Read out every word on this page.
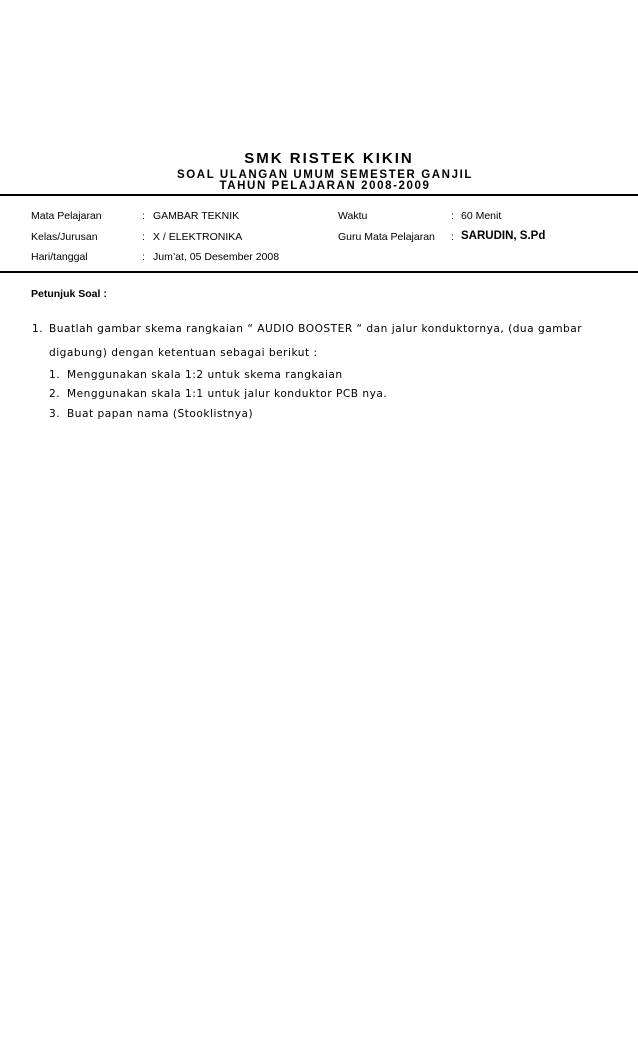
SMK RISTEK KIKIN
SOAL ULANGAN UMUM SEMESTER GANJIL
TAHUN PELAJARAN 2008-2009
Mata Pelajaran	: GAMBAR TEKNIK	Waktu	: 60 Menit
Kelas/Jurusan	: X / ELEKTRONIKA	Guru Mata Pelajaran : SARUDIN, S.Pd
Hari/tanggal	: Jum’at, 05 Desember 2008
Petunjuk Soal :
1. Buatlah gambar skema rangkaian “ AUDIO BOOSTER “ dan jalur konduktornya, (dua gambar
digabung) dengan ketentuan sebagai berikut :
1. Menggunakan skala 1:2 untuk skema rangkaian
2. Menggunakan skala 1:1 untuk jalur konduktor PCB nya.
3. Buat papan nama (Stooklistnya)
